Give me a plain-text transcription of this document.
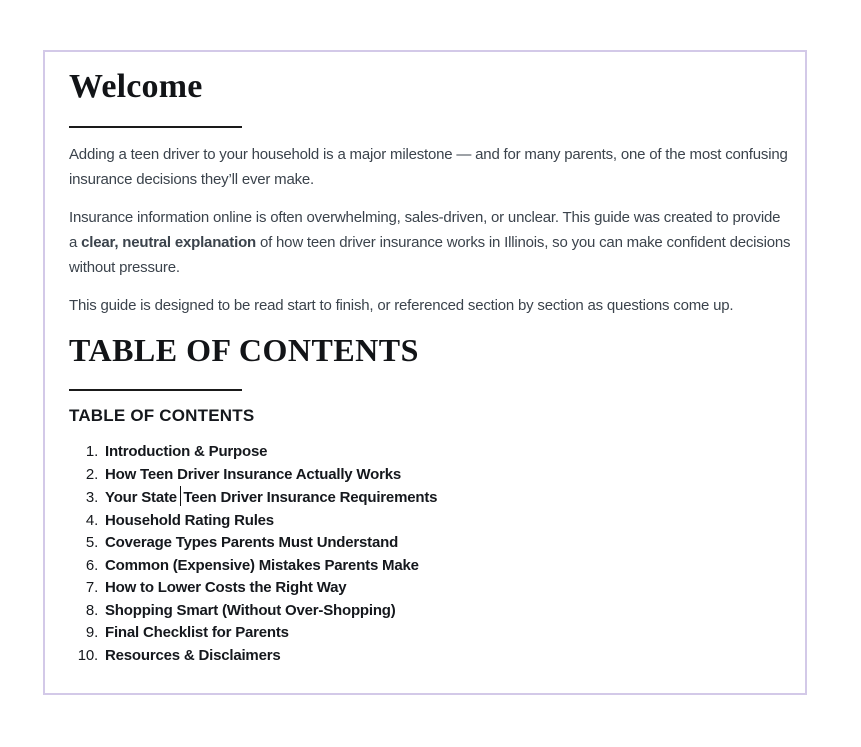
Welcome

Adding a teen driver to your household is a major milestone — and for many parents, one of the most confusing insurance decisions they’ll ever make.

Insurance information online is often overwhelming, sales-driven, or unclear. This guide was created to provide a clear, neutral explanation of how teen driver insurance works in Illinois, so you can make confident decisions without pressure.

This guide is designed to be read start to finish, or referenced section by section as questions come up.

TABLE OF CONTENTS
TABLE OF CONTENTS
1. Introduction & Purpose
2. How Teen Driver Insurance Actually Works
3. Your State Teen Driver Insurance Requirements
4. Household Rating Rules
5. Coverage Types Parents Must Understand
6. Common (Expensive) Mistakes Parents Make
7. How to Lower Costs the Right Way
8. Shopping Smart (Without Over-Shopping)
9. Final Checklist for Parents
10. Resources & Disclaimers
